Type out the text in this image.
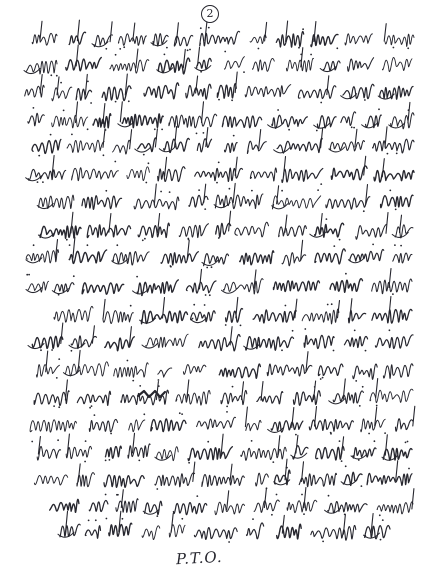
2
P.T.O.
